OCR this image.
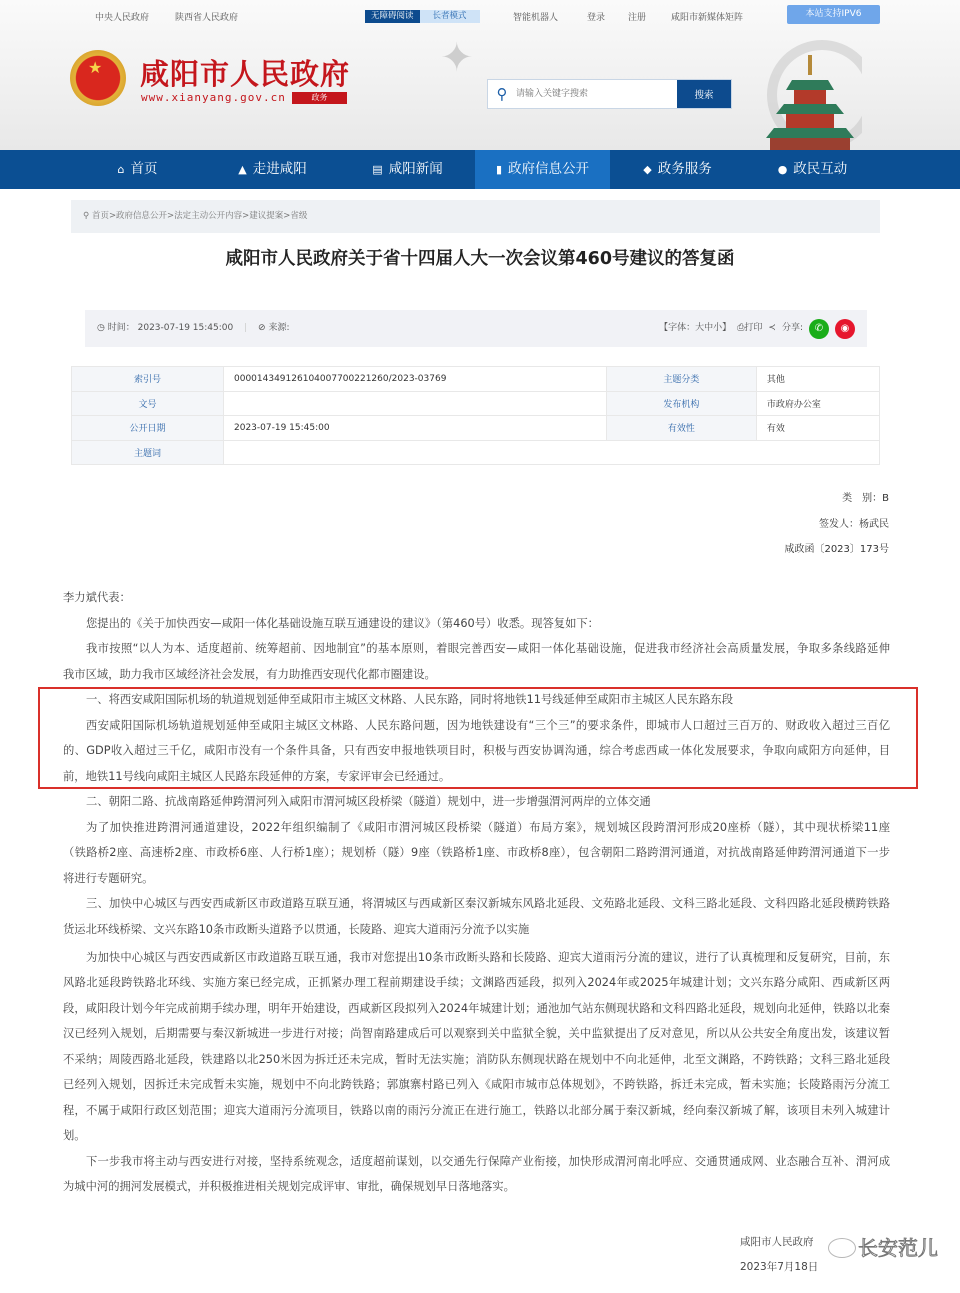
中央人民政府	陕西省人民政府	智能机器人	登录	注册	咸阳市新媒体矩阵
无障碍阅读	长者模式	本站支持IPV6
★
咸阳市人民政府
www.xianyang.gov.cn	政务
✦
⚲
请输入关键字搜索	搜索
⌂ 首页	▲ 走进咸阳	▤ 咸阳新闻	▮ 政府信息公开	◆ 政务服务	● 政民互动
⚲ 首页>政府信息公开>法定主动公开内容>建议提案>省级
咸阳市人民政府关于省十四届人大一次会议第460号建议的答复函
◷ 时间： 2023-07-19 15:45:00 | ⊘ 来源:	【字体：大中小】 ⎙打印 ≺ 分享:	✆	◉
索引号	00001434912610400770022126​0/2023-03769	主题分类	其他
文号		发布机构	市政府办公室
公开日期	2023-07-19 15:45:00	有效性	有效
主题词			
类　别：B
签发人：杨武民
咸政函〔2023〕173号
李力斌代表：
您提出的《关于加快西安—咸阳一体化基础设施互联互通建设的建议》（第460号）收悉。现答复如下：
我市按照“以人为本、适度超前、统筹超前、因地制宜”的基本原则，着眼完善西安—咸阳一体化基础设施，促进我市经济社会高质量发展，争取多条线路延伸
我市区域，助力我市区域经济社会发展，有力助推西安现代化都市圈建设。
一、将西安咸阳国际机场的轨道规划延伸至咸阳市主城区文林路、人民东路，同时将地铁11号线延伸至咸阳市主城区人民东路东段
西安咸阳国际机场轨道规划延伸至咸阳主城区文林路、人民东路问题，因为地铁建设有“三个三”的要求条件，即城市人口超过三百万的、财政收入超过三百亿
的、GDP收入超过三千亿，咸阳市没有一个条件具备，只有西安申报地铁项目时，积极与西安协调沟通，综合考虑西咸一体化发展要求，争取向咸阳方向延伸，目
前，地铁11号线向咸阳主城区人民路东段延伸的方案，专家评审会已经通过。
二、朝阳二路、抗战南路延伸跨渭河列入咸阳市渭河城区段桥梁（隧道）规划中，进一步增强渭河两岸的立体交通
为了加快推进跨渭河通道建设，2022年组织编制了《咸阳市渭河城区段桥梁（隧道）布局方案》，规划城区段跨渭河形成20座桥（隧），其中现状桥梁11座
（铁路桥2座、高速桥2座、市政桥6座、人行桥1座）；规划桥（隧）9座（铁路桥1座、市政桥8座），包含朝阳二路跨渭河通道，对抗战南路延伸跨渭河通道下一步
将进行专题研究。
三、加快中心城区与西安西咸新区市政道路互联互通，将渭城区与西咸新区秦汉新城东风路北延段、文苑路北延段、文科三路北延段、文科四路北延段横跨铁路
货运北环线桥梁、文兴东路10条市政断头道路予以贯通，长陵路、迎宾大道雨污分流予以实施
为加快中心城区与西安西咸新区市政道路互联互通，我市对您提出10条市政断头路和长陵路、迎宾大道雨污分流的建议，进行了认真梳理和反复研究，目前，东
风路北延段跨铁路北环线、实施方案已经完成，正抓紧办理工程前期建设手续；文渊路西延段，拟列入2024年或2025年城建计划；文兴东路分咸阳、西咸新区两
段，咸阳段计划今年完成前期手续办理，明年开始建设，西咸新区段拟列入2024年城建计划；通池加气站东侧现状路和文科四路北延段，规划向北延伸，铁路以北秦
汉已经列入规划，后期需要与秦汉新城进一步进行对接；尚智南路建成后可以观察到关中监狱全貌，关中监狱提出了反对意见，所以从公共安全角度出发，该建议暂
不采纳；周陵西路北延段，铁建路以北250米因为拆迁还未完成，暂时无法实施；消防队东侧现状路在规划中不向北延伸，北至文渊路，不跨铁路；文科三路北延段
已经列入规划，因拆迁未完成暂未实施，规划中不向北跨铁路；郭旗寨村路已列入《咸阳市城市总体规划》，不跨铁路，拆迁未完成，暂未实施；长陵路雨污分流工
程，不属于咸阳行政区划范围；迎宾大道雨污分流项目，铁路以南的雨污分流正在进行施工，铁路以北部分属于秦汉新城，经向秦汉新城了解，该项目未列入城建计
划。
下一步我市将主动与西安进行对接，坚持系统观念，适度超前谋划，以交通先行保障产业衔接，加快形成渭河南北呼应、交通贯通成网、业态融合互补、渭河成
为城中河的拥河发展模式，并积极推进相关规划完成评审、审批，确保规划早日落地落实。
咸阳市人民政府
2023年7月18日
长安范儿
